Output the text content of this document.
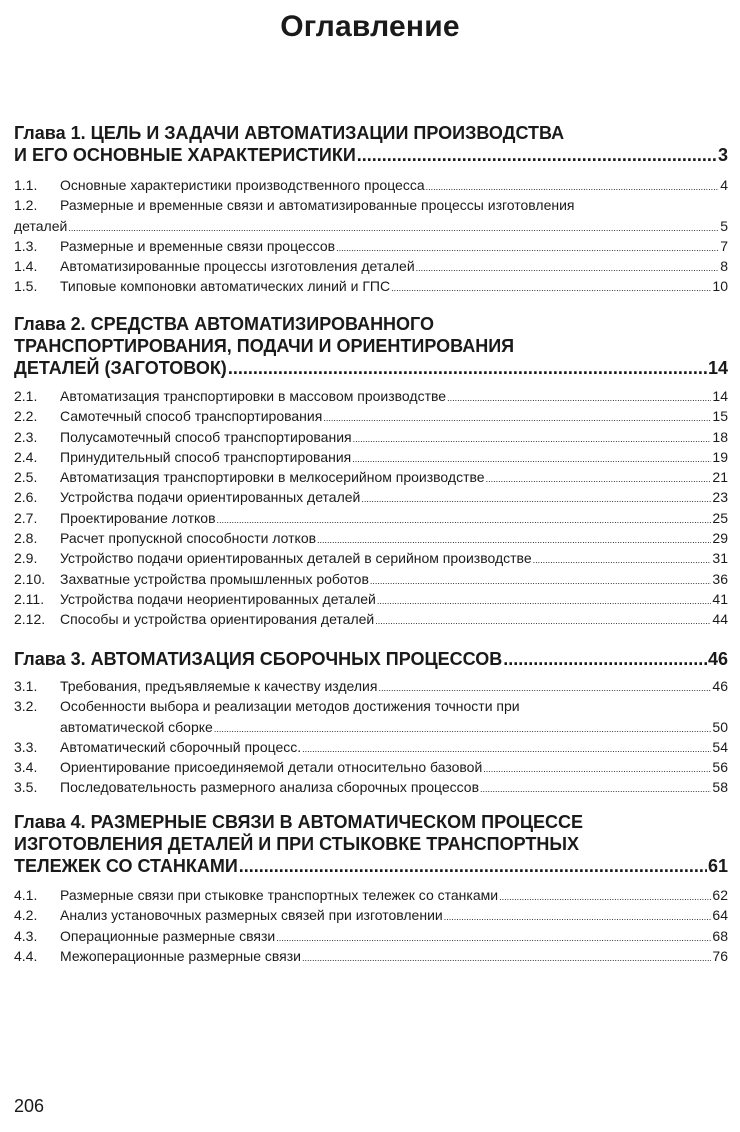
Оглавление
Глава 1. ЦЕЛЬ И ЗАДАЧИ АВТОМАТИЗАЦИИ ПРОИЗВОДСТВА
И ЕГО ОСНОВНЫЕ ХАРАКТЕРИСТИКИ .....	3
1.1.	Основные характеристики производственного процесса .....	4
1.2.	Размерные и временные связи и автоматизированные процессы изготовления
деталей .....	5
1.3.	Размерные и временные связи процессов .....	7
1.4.	Автоматизированные процессы изготовления деталей .....	8
1.5.	Типовые компоновки автоматических линий и ГПС .....	10
Глава 2. СРЕДСТВА АВТОМАТИЗИРОВАННОГО
ТРАНСПОРТИРОВАНИЯ, ПОДАЧИ И ОРИЕНТИРОВАНИЯ
ДЕТАЛЕЙ (ЗАГОТОВОК) .....	14
2.1.	Автоматизация транспортировки в массовом производстве .....	14
2.2.	Самотечный способ транспортирования .....	15
2.3.	Полусамотечный способ транспортирования .....	18
2.4.	Принудительный способ транспортирования .....	19
2.5.	Автоматизация транспортировки в мелкосерийном производстве .....	21
2.6.	Устройства подачи ориентированных деталей .....	23
2.7.	Проектирование лотков .....	25
2.8.	Расчет пропускной способности лотков .....	29
2.9.	Устройство подачи ориентированных деталей в серийном производстве .....	31
2.10.	Захватные устройства промышленных роботов .....	36
2.11.	Устройства подачи неориентированных деталей .....	41
2.12.	Способы и устройства ориентирования деталей .....	44
Глава 3. АВТОМАТИЗАЦИЯ СБОРОЧНЫХ ПРОЦЕССОВ .....	46
3.1.	Требования, предъявляемые к качеству изделия .....	46
3.2.	Особенности выбора и реализации методов достижения точности при
автоматической сборке .....	50
3.3.	Автоматический сборочный процесс. .....	54
3.4.	Ориентирование присоединяемой детали относительно базовой .....	56
3.5.	Последовательность размерного анализа сборочных процессов .....	58
Глава 4. РАЗМЕРНЫЕ СВЯЗИ В АВТОМАТИЧЕСКОМ ПРОЦЕССЕ
ИЗГОТОВЛЕНИЯ ДЕТАЛЕЙ И ПРИ СТЫКОВКЕ ТРАНСПОРТНЫХ
ТЕЛЕЖЕК СО СТАНКАМИ .....	61
4.1.	Размерные связи при стыковке транспортных тележек со станками .....	62
4.2.	Анализ установочных размерных связей при изготовлении .....	64
4.3.	Операционные размерные связи .....	68
4.4.	Межоперационные размерные связи .....	76
206
